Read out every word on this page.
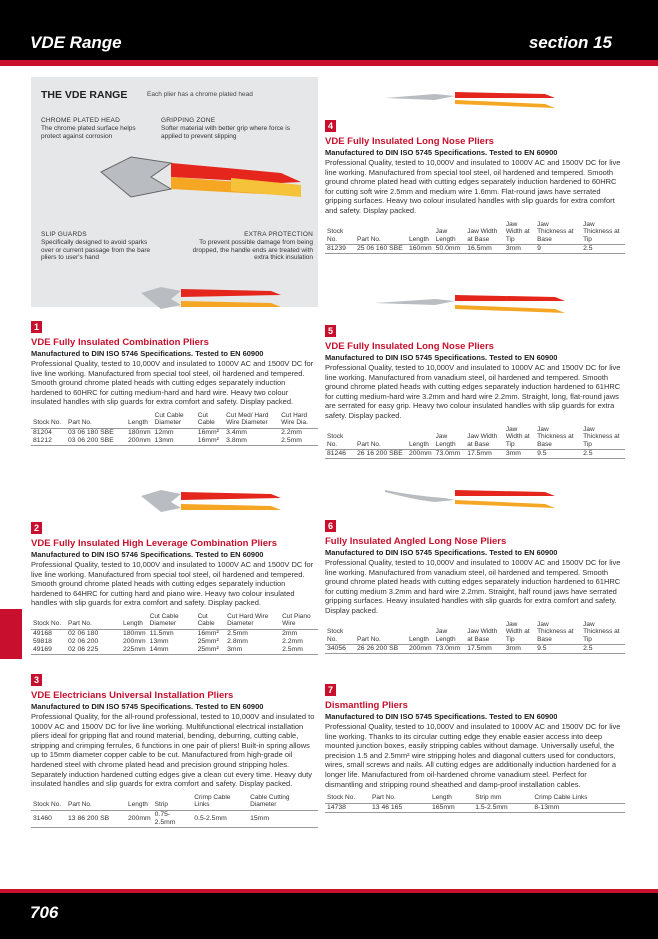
VDE Range	section 15
THE VDE RANGE	Each plier has a chrome plated head
CHROME PLATED HEAD
The chrome plated surface helps protect against corrosion
GRIPPING ZONE
Softer material with better grip where force is applied to prevent slipping
SLIP GUARDS
Specifically designed to avoid sparks over or current passage from the bare pliers to user's hand
EXTRA PROTECTION
To prevent possible damage from being dropped, the handle ends are treated with extra thick insulation
1
VDE Fully Insulated Combination Pliers
Manufactured to DIN ISO 5746 Specifications. Tested to EN 60900
Professional Quality, tested to 10,000V and insulated to 1000V AC and 1500V DC for live line working. Manufactured from special tool steel, oil hardened and tempered. Smooth ground chrome plated heads with cutting edges separately induction hardened to 60HRC for cutting medium-hard and hard wire. Heavy two colour insulated handles with slip guards for extra comfort and safety. Display packed.
Stock No.	Part No.	Length	Cut Cable Diameter	Cut Cable	Cut Med/ Hard Wire Diameter	Cut Hard Wire Dia.
81204	03 06 180 SBE	180mm	12mm	16mm²	3.4mm	2.2mm
81212	03 06 200 SBE	200mm	13mm	16mm²	3.8mm	2.5mm
2
VDE Fully Insulated High Leverage Combination Pliers
Manufactured to DIN ISO 5746 Specifications. Tested to EN 60900
Professional Quality, tested to 10,000V and insulated to 1000V AC and 1500V DC for live line working. Manufactured from special tool steel, oil hardened and tempered. Smooth ground chrome plated heads with cutting edges separately induction hardened to 64HRC for cutting hard and piano wire. Heavy two colour insulated handles with slip guards for extra comfort and safety. Display packed.
Stock No.	Part No.	Length	Cut Cable Diameter	Cut Cable	Cut Hard Wire Diameter	Cut Piano Wire
49168	02 06 180	180mm	11.5mm	16mm²	2.5mm	2mm
59818	02 06 200	200mm	13mm	25mm²	2.8mm	2.2mm
49169	02 06 225	225mm	14mm	25mm²	3mm	2.5mm
3
VDE Electricians Universal Installation Pliers
Manufactured to DIN ISO 5745 Specifications. Tested to EN 60900
Professional Quality, for the all-round professional, tested to 10,000V and insulated to 1000V AC and 1500V DC for live line working. Multifunctional electrical installation pliers ideal for gripping flat and round material, bending, deburring, cutting cable, stripping and crimping ferrules, 6 functions in one pair of pliers! Built-in spring allows up to 15mm diameter copper cable to be cut. Manufactured from high-grade oil hardened steel with chrome plated head and precision ground stripping holes. Separately induction hardened cutting edges give a clean cut every time. Heavy duty insulated handles and slip guards for extra comfort and safety. Display packed.
Stock No.	Part No.	Length	Strip	Crimp Cable Links	Cable Cutting Diameter
31460	13 86 200 SB	200mm	0.75-2.5mm	0.5-2.5mm	15mm
4
VDE Fully Insulated Long Nose Pliers
Manufactured to DIN ISO 5745 Specifications. Tested to EN 60900
Professional Quality, tested to 10,000V and insulated to 1000V AC and 1500V DC for live line working. Manufactured from special tool steel, oil hardened and tempered. Smooth ground chrome plated head with cutting edges separately induction hardened to 60HRC for cutting soft wire 2.5mm and medium wire 1.6mm. Flat-round jaws have serrated gripping surfaces. Heavy two colour insulated handles with slip guards for extra comfort and safety. Display packed.
Stock No.	Part No.	Length	Jaw Length	Jaw Width at Base	Jaw Width at Tip	Jaw Thickness at Base	Jaw Thickness at Tip
81239	25 06 160 SBE	160mm	50.0mm	16.5mm	3mm	9	2.5
5
VDE Fully Insulated Long Nose Pliers
Manufactured to DIN ISO 5745 Specifications. Tested to EN 60900
Professional Quality, tested to 10,000V and insulated to 1000V AC and 1500V DC for live line working. Manufactured from vanadium steel, oil hardened and tempered. Smooth ground chrome plated heads with cutting edges separately induction hardened to 61HRC for cutting medium-hard wire 3.2mm and hard wire 2.2mm. Straight, long, flat-round jaws are serrated for easy grip. Heavy two colour insulated handles with slip guards for extra safety. Display packed.
Stock No.	Part No.	Length	Jaw Length	Jaw Width at Base	Jaw Width at Tip	Jaw Thickness at Base	Jaw Thickness at Tip
81246	26 16 200 SBE	200mm	73.0mm	17.5mm	3mm	9.5	2.5
6
Fully Insulated Angled Long Nose Pliers
Manufactured to DIN ISO 5745 Specifications. Tested to EN 60900
Professional Quality, tested to 10,000V and insulated to 1000V AC and 1500V DC for live line working. Manufactured from vanadium steel, oil hardened and tempered. Smooth ground chrome plated heads with cutting edges separately induction hardened to 61HRC for cutting medium 3.2mm and hard wire 2.2mm. Straight, half round jaws have serrated gripping surfaces. Heavy insulated handles with slip guards for extra comfort and safety. Display packed.
Stock No.	Part No.	Length	Jaw Length	Jaw Width at Base	Jaw Width at Tip	Jaw Thickness at Base	Jaw Thickness at Tip
34056	26 26 200 SB	200mm	73.0mm	17.5mm	3mm	9.5	2.5
7
Dismantling Pliers
Manufactured to DIN ISO 5745 Specifications. Tested to EN 60900
Professional Quality, tested to 10,000V and insulated to 1000V AC and 1500V DC for live line working. Thanks to its circular cutting edge they enable easier access into deep mounted junction boxes, easily stripping cables without damage. Universally useful, the precision 1.5 and 2.5mm² wire stripping holes and diagonal cutters used for conductors, wires, small screws and nails. All cutting edges are additionally induction hardened for a longer life. Manufactured from oil-hardened chrome vanadium steel. Perfect for dismantling and stripping round sheathed and damp-proof installation cables.
Stock No.	Part No.	Length	Strip mm	Crimp Cable Links
14738	13 46 165	165mm	1.5-2.5mm	8-13mm
706
